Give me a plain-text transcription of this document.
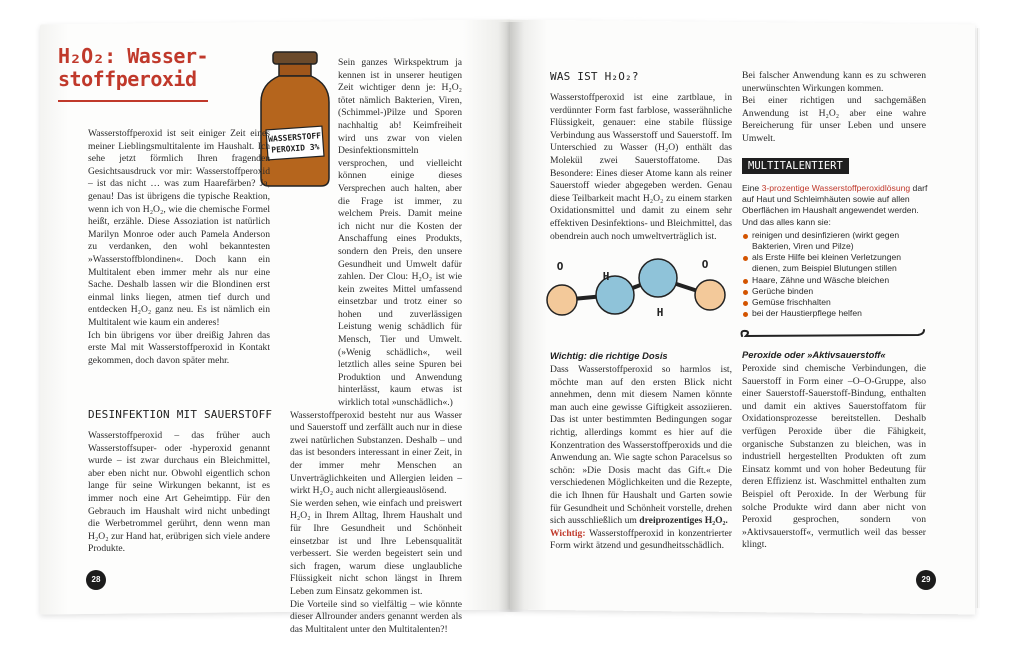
H₂O₂: Wasser-stoffperoxid
WASSERSTOFF
PEROXID 3%

Wasserstoffperoxid ist seit einiger Zeit eines meiner Lieblingsmultitalente im Haushalt. Ich sehe jetzt förmlich Ihren fragenden Gesichtsausdruck vor mir: Wasserstoffperoxid – ist das nicht … was zum Haarefärben? Ja, genau! Das ist übrigens die typische Reaktion, wenn ich von H₂O₂, wie die chemische Formel heißt, erzähle. Diese Assoziation ist natürlich Marilyn Monroe oder auch Pamela Anderson zu verdanken, den wohl bekanntesten »Wasserstoffblondinen«. Doch kann ein Multitalent eben immer mehr als nur eine Sache. Deshalb lassen wir die Blondinen erst einmal links liegen, atmen tief durch und entdecken H₂O₂ ganz neu. Es ist nämlich ein Multitalent wie kaum ein anderes!

Ich bin übrigens vor über dreißig Jahren das erste Mal mit Wasserstoffperoxid in Kontakt gekommen, doch davon später mehr.

DESINFEKTION MIT SAUERSTOFF

Wasserstoffperoxid – das früher auch Wasserstoffsuper- oder -hyperoxid genannt wurde – ist zwar durchaus ein Bleichmittel, aber eben nicht nur. Obwohl eigentlich schon lange für seine Wirkungen bekannt, ist es immer noch eine Art Geheimtipp. Für den Gebrauch im Haushalt wird nicht unbedingt die Werbetrommel gerührt, denn wenn man H₂O₂ zur Hand hat, erübrigen sich viele andere Produkte.

Sein ganzes Wirkspektrum ja kennen ist in unserer heutigen Zeit wichtiger denn je: H₂O₂ tötet nämlich Bakterien, Viren, (Schimmel-)Pilze und Sporen nachhaltig ab! Keimfreiheit wird uns zwar von vielen Desinfektionsmitteln versprochen, und vielleicht können einige dieses Versprechen auch halten, aber die Frage ist immer, zu welchem Preis. Damit meine ich nicht nur die Kosten der Anschaffung eines Produkts, sondern den Preis, den unsere Gesundheit und Umwelt dafür zahlen. Der Clou: H₂O₂ ist wie kein zweites Mittel umfassend einsetzbar und trotz einer so hohen und zuverlässigen Leistung wenig schädlich für Mensch, Tier und Umwelt. (»Wenig schädlich«, weil letztlich alles seine Spuren bei Produktion und Anwendung hinterlässt, kaum etwas ist wirklich total »unschädlich«.)

Wasserstoffperoxid besteht nur aus Wasser und Sauerstoff und zerfällt auch nur in diese zwei natürlichen Substanzen. Deshalb – und das ist besonders interessant in einer Zeit, in der immer mehr Menschen an Unverträglichkeiten und Allergien leiden – wirkt H₂O₂ auch nicht allergieauslösend.

Sie werden sehen, wie einfach und preiswert H₂O₂ in Ihrem Alltag, Ihrem Haushalt und für Ihre Gesundheit und Schönheit einsetzbar ist und Ihre Lebensqualität verbessert. Sie werden begeistert sein und sich fragen, warum diese unglaubliche Flüssigkeit nicht schon längst in Ihrem Leben zum Einsatz gekommen ist.

Die Vorteile sind so vielfältig – wie könnte dieser Allrounder anders genannt werden als das Multitalent unter den Multitalenten?!

28
WAS IST H₂O₂?

Wasserstoffperoxid ist eine zartblaue, in verdünnter Form fast farblose, wasserähnliche Flüssigkeit, genauer: eine stabile flüssige Verbindung aus Wasserstoff und Sauerstoff. Im Unterschied zu Wasser (H₂O) enthält das Molekül zwei Sauerstoffatome. Das Besondere: Eines dieser Atome kann als reiner Sauerstoff wieder abgegeben werden. Genau diese Teilbarkeit macht H₂O₂ zu einem starken Oxidationsmittel und damit zu einem sehr effektiven Desinfektions- und Bleichmittel, das obendrein auch noch umweltverträglich ist.

O
H
O
H
Wichtig: die richtige Dosis

Dass Wasserstoffperoxid so harmlos ist, möchte man auf den ersten Blick nicht annehmen, denn mit diesem Namen könnte man auch eine gewisse Giftigkeit assoziieren. Das ist unter bestimmten Bedingungen sogar richtig, allerdings kommt es hier auf die Konzentration des Wasserstoffperoxids und die Anwendung an. Wie sagte schon Paracelsus so schön: »Die Dosis macht das Gift.« Die verschiedenen Möglichkeiten und die Rezepte, die ich Ihnen für Haushalt und Garten sowie für Gesundheit und Schönheit vorstelle, drehen sich ausschließlich um dreiprozentiges H₂O₂.

Wichtig: Wasserstoffperoxid in konzentrierter Form wirkt ätzend und gesundheitsschädlich.

Bei falscher Anwendung kann es zu schweren unerwünschten Wirkungen kommen.

Bei einer richtigen und sachgemäßen Anwendung ist H₂O₂ aber eine wahre Bereicherung für unser Leben und unsere Umwelt.

MULTITALENTIERT

Eine 3-prozentige Wasserstoffperoxidlösung darf auf Haut und Schleimhäuten sowie auf allen Oberflächen im Haushalt angewendet werden. Und das alles kann sie:

reinigen und desinfizieren (wirkt gegen Bakterien, Viren und Pilze)
als Erste Hilfe bei kleinen Verletzungen dienen, zum Beispiel Blutungen stillen
Haare, Zähne und Wäsche bleichen
Gerüche binden
Gemüse frischhalten
bei der Haustierpflege helfen
Peroxide oder »Aktivsauerstoff«

Peroxide sind chemische Verbindungen, die Sauerstoff in Form einer –O–O-Gruppe, also einer Sauerstoff-Sauerstoff-Bindung, enthalten und damit ein aktives Sauerstoffatom für Oxidationsprozesse bereitstellen. Deshalb verfügen Peroxide über die Fähigkeit, organische Substanzen zu bleichen, was in industriell hergestellten Produkten oft zum Einsatz kommt und von hoher Bedeutung für deren Effizienz ist. Waschmittel enthalten zum Beispiel oft Peroxide. In der Werbung für solche Produkte wird dann aber nicht von Peroxid gesprochen, sondern von »Aktivsauerstoff«, vermutlich weil das besser klingt.

29
